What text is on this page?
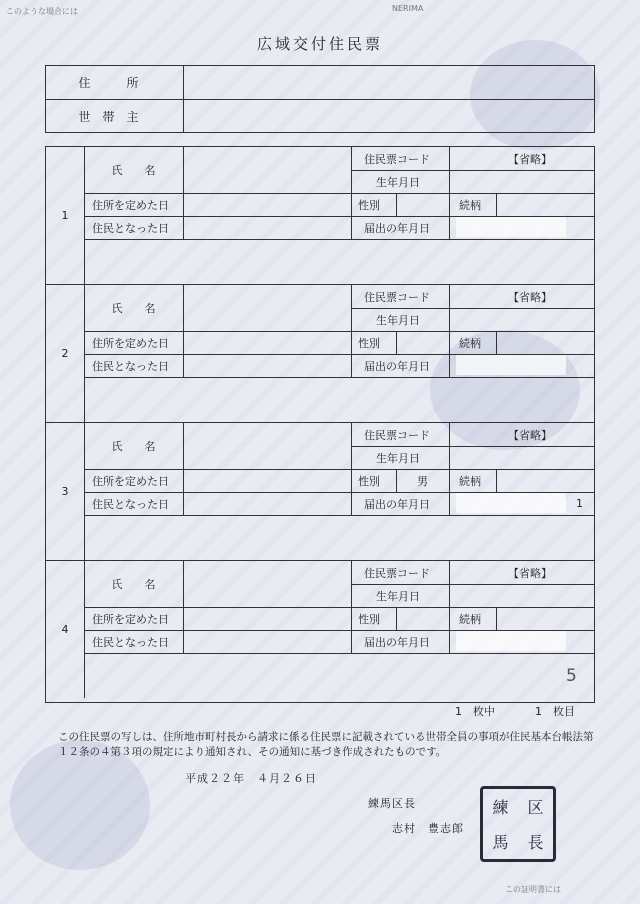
このような場合には	NERIMA
この証明書には
広域交付住民票
住　所
世帯主
1
氏　　名
住民票コード	【省略】
生年月日
住所を定めた日	性別	続柄
住民となった日	届出の年月日
2
氏　　名
住民票コード	【省略】
生年月日
住所を定めた日	性別	続柄
住民となった日	届出の年月日
3
氏　　名
住民票コード	【省略】
生年月日
住所を定めた日	性別	男	続柄
住民となった日	届出の年月日	1
4
氏　　名
住民票コード	【省略】
生年月日
住所を定めた日	性別	続柄
住民となった日	届出の年月日
5
1　枚中	1　枚目
この住民票の写しは、住所地市町村長から請求に係る住民票に記載されている世帯全員の事項が住民基本台帳法第１２条の４第３項の規定により通知され、その通知に基づき作成されたものです。
平成２２年　４月２６日
練馬区長
志村　豊志郎
練	区
馬	長
